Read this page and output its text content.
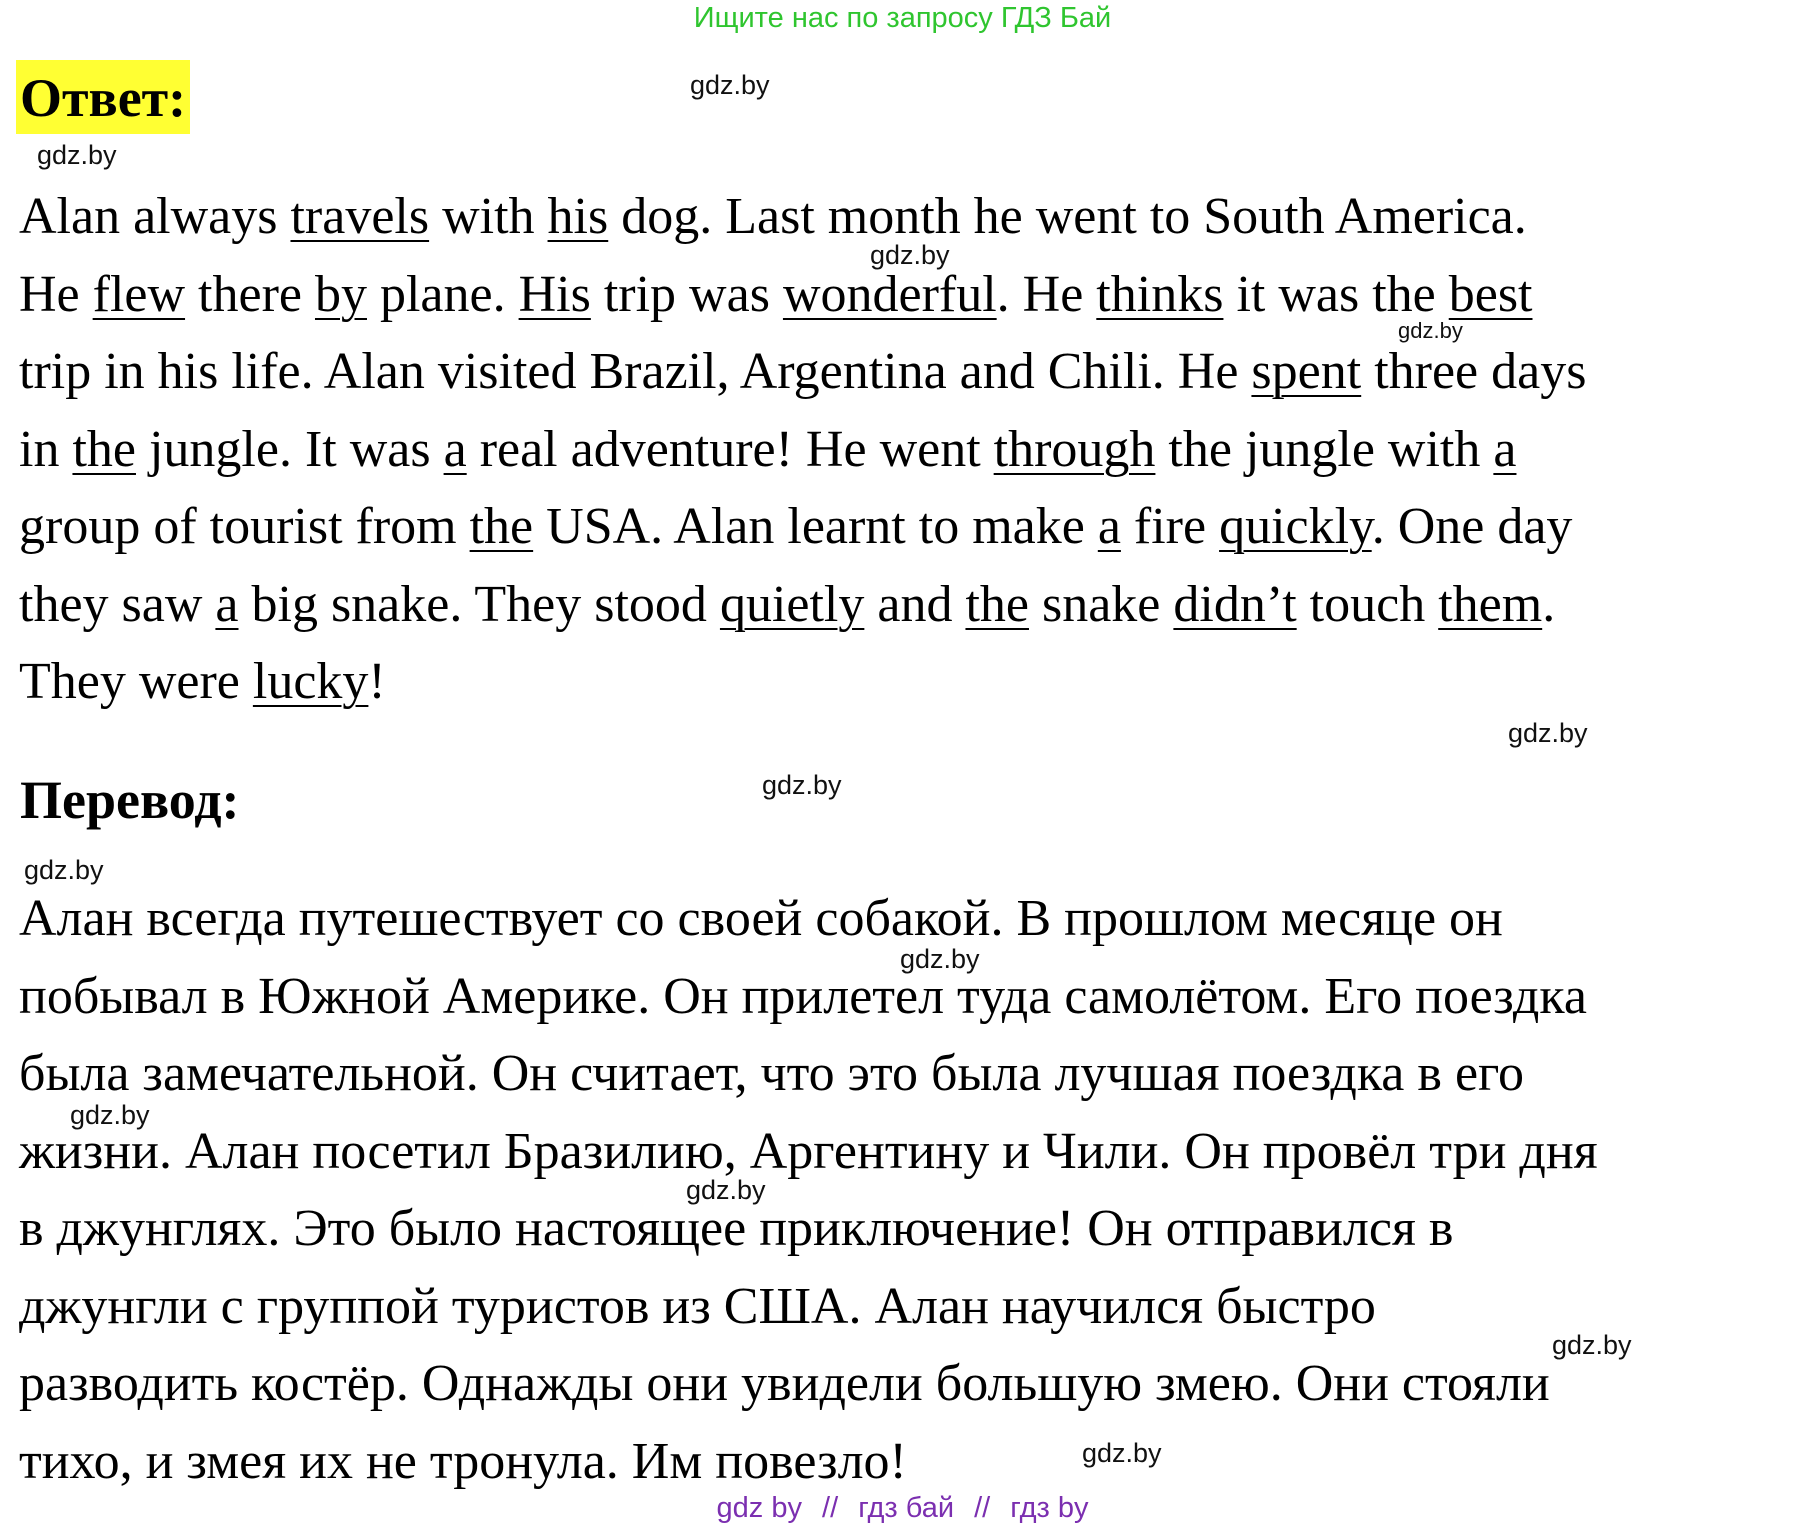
Ищите нас по запросу ГДЗ Бай
Ответ:	gdz.by
gdz.by
gdz.by
gdz.by
gdz.by
gdz.by
gdz.by
gdz.by
gdz.by
gdz.by
gdz.by
gdz.by
Alan always travels with his dog. Last month he went to South America.
He flew there by plane. His trip was wonderful. He thinks it was the best
trip in his life. Alan visited Brazil, Argentina and Chili. He spent three days
in the jungle. It was a real adventure! He went through the jungle with a
group of tourist from the USA. Alan learnt to make a fire quickly. One day
they saw a big snake. They stood quietly and the snake didn’t touch them.
They were lucky!
Перевод:
Алан всегда путешествует со своей собакой. В прошлом месяце он
побывал в Южной Америке. Он прилетел туда самолётом. Его поездка
была замечательной. Он считает, что это была лучшая поездка в его
жизни. Алан посетил Бразилию, Аргентину и Чили. Он провёл три дня
в джунглях. Это было настоящее приключение! Он отправился в
джунгли с группой туристов из США. Алан научился быстро
разводить костёр. Однажды они увидели большую змею. Они стояли
тихо, и змея их не тронула. Им повезло!
gdz by // гдз бай // гдз by
